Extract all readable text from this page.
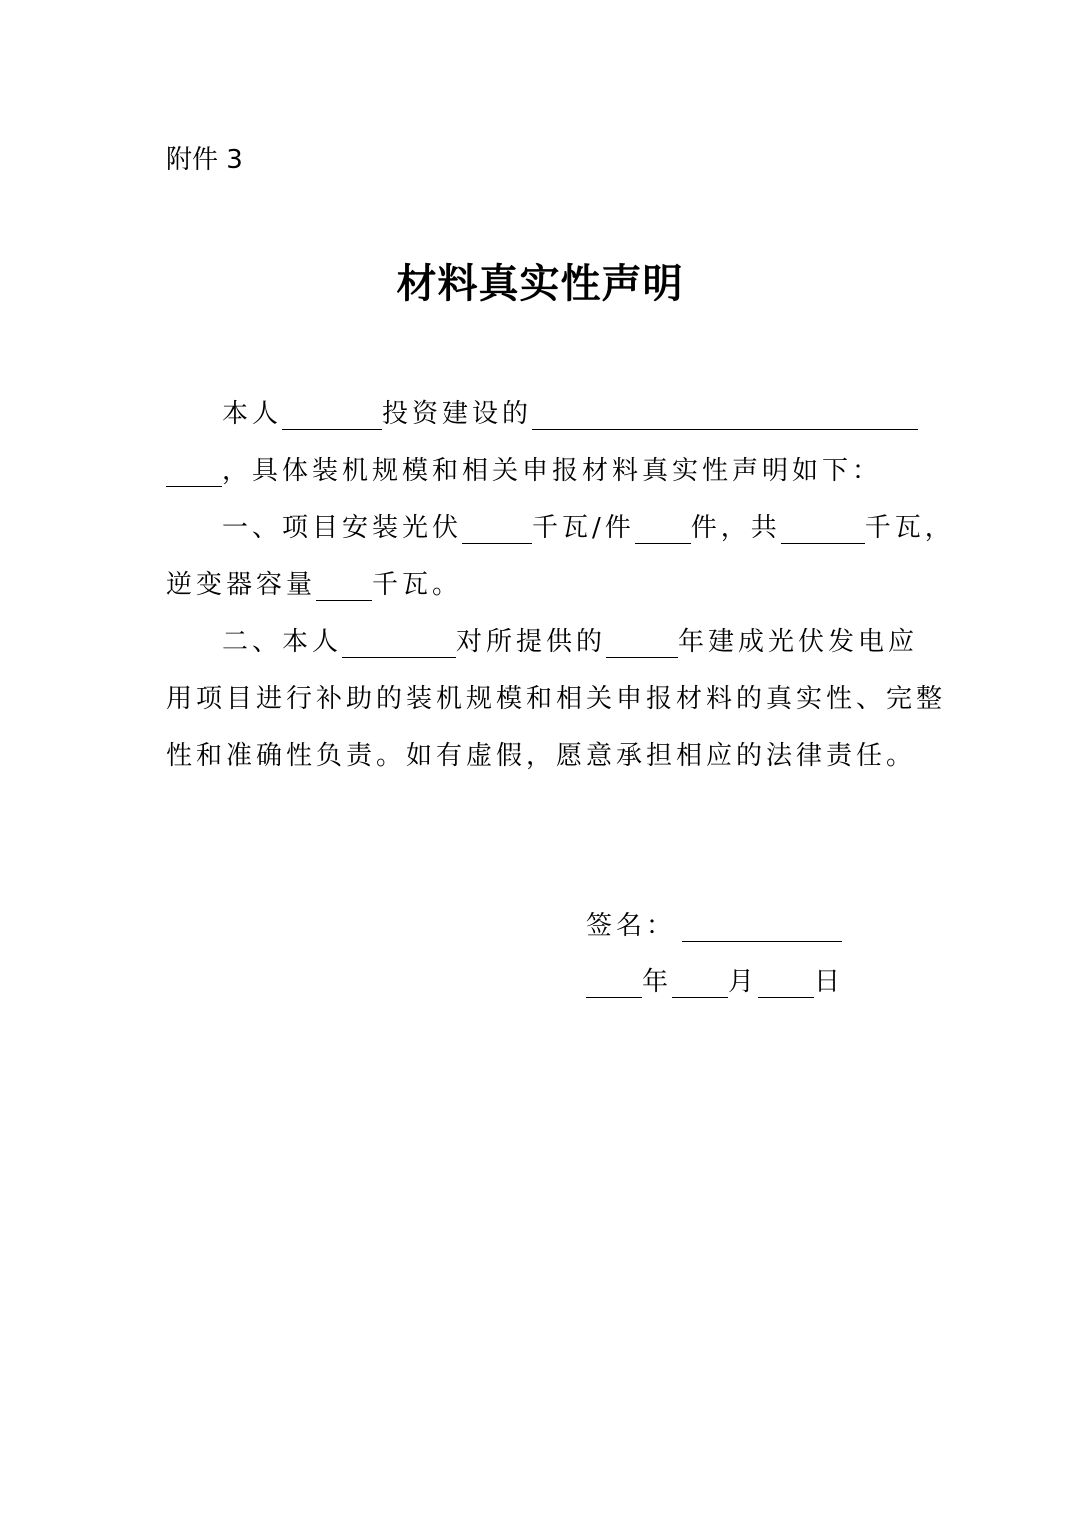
附件 3
材料真实性声明
本人	投资建设的
，具体装机规模和相关申报材料真实性声明如下：
一、项目安装光伏	千瓦/件 件，共	千瓦，
逆变器容量 千瓦。
二、本人	对所提供的	年建成光伏发电应
用项目进行补助的装机规模和相关申报材料的真实性、完整
性和准确性负责。如有虚假，愿意承担相应的法律责任。
签名：
年 月 日
